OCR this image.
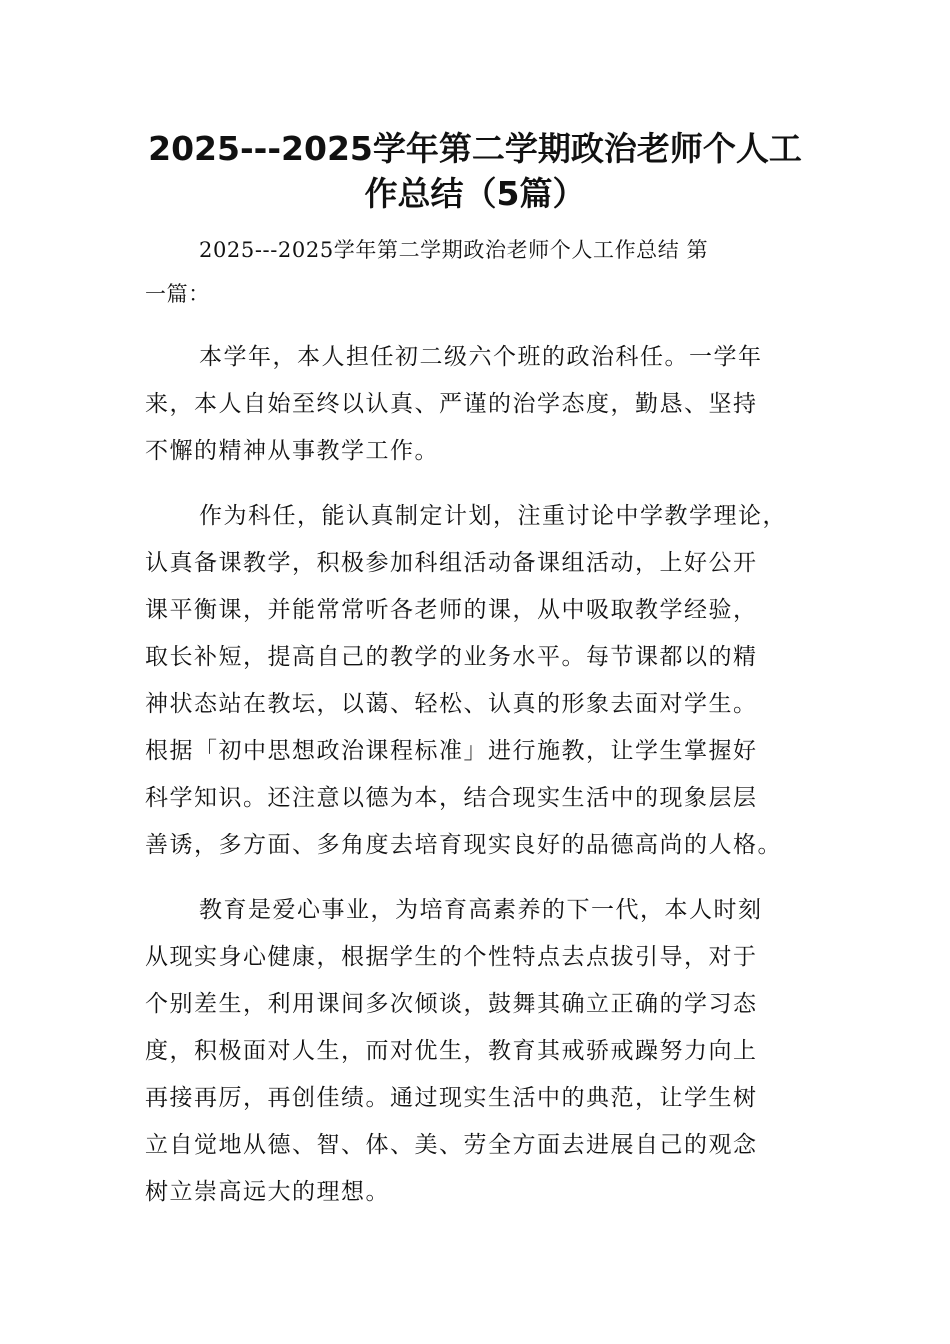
2025---2025学年第二学期政治老师个人工
作总结（5篇）
2025---2025学年第二学期政治老师个人工作总结 第
一篇：
本学年，本人担任初二级六个班的政治科任。一学年
来，本人自始至终以认真、严谨的治学态度，勤恳、坚持
不懈的精神从事教学工作。
作为科任，能认真制定计划，注重讨论中学教学理论，
认真备课教学，积极参加科组活动备课组活动，上好公开
课平衡课，并能常常听各老师的课，从中吸取教学经验，
取长补短，提高自己的教学的业务水平。每节课都以的精
神状态站在教坛，以蔼、轻松、认真的形象去面对学生。
根据「初中思想政治课程标准」进行施教，让学生掌握好
科学知识。还注意以德为本，结合现实生活中的现象层层
善诱，多方面、多角度去培育现实良好的品德高尚的人格。
教育是爱心事业，为培育高素养的下一代，本人时刻
从现实身心健康，根据学生的个性特点去点拔引导，对于
个别差生，利用课间多次倾谈，鼓舞其确立正确的学习态
度，积极面对人生，而对优生，教育其戒骄戒躁努力向上
再接再厉，再创佳绩。通过现实生活中的典范，让学生树
立自觉地从德、智、体、美、劳全方面去进展自己的观念
树立崇高远大的理想。
